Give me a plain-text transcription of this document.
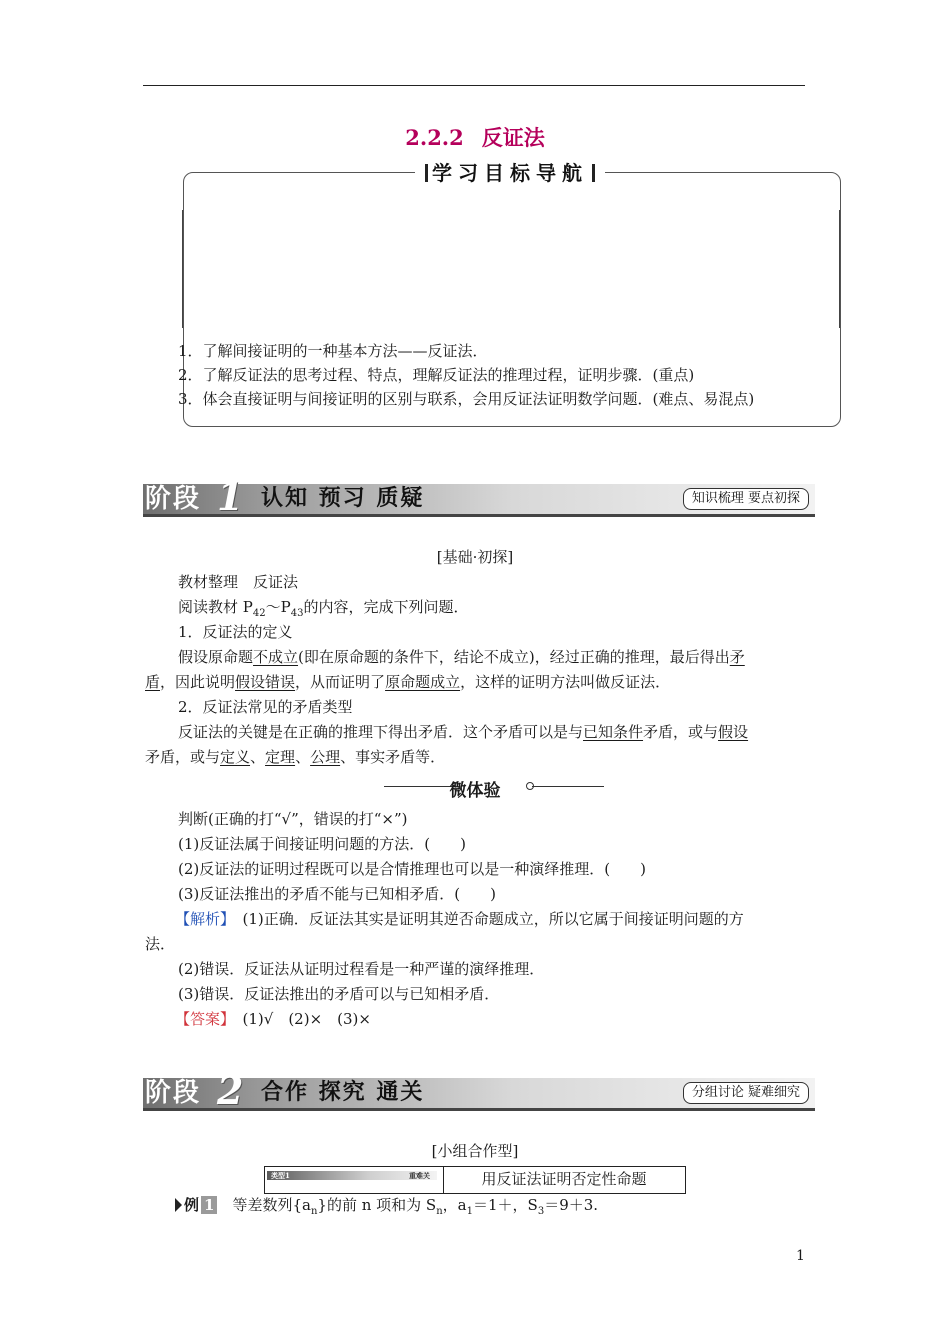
2.2.2 反证法
学习目标导航
1．了解间接证明的一种基本方法——反证法．
2．了解反证法的思考过程、特点，理解反证法的推理过程，证明步骤．(重点)
3．体会直接证明与间接证明的区别与联系，会用反证法证明数学问题．(难点、易混点)
阶段 1 认知 预习 质疑	知识梳理 要点初探
[基础·初探]
教材整理　反证法
阅读教材 $P_{42}\sim P_{43}$的内容，完成下列问题．
1．反证法的定义
假设原命题不成立(即在原命题的条件下，结论不成立)，经过正确的推理，最后得出矛
盾，因此说明假设错误，从而证明了原命题成立，这样的证明方法叫做反证法．
2．反证法常见的矛盾类型
反证法的关键是在正确的推理下得出矛盾．这个矛盾可以是与已知条件矛盾，或与假设
矛盾，或与定义、定理、公理、事实矛盾等．
微体验
判断(正确的打“√”，错误的打“×”)
(1)反证法属于间接证明问题的方法．(　　)
(2)反证法的证明过程既可以是合情推理也可以是一种演绎推理．(　　)
(3)反证法推出的矛盾不能与已知相矛盾．(　　)
【解析】　(1)正确．反证法其实是证明其逆否命题成立，所以它属于间接证明问题的方
法．
(2)错误．反证法从证明过程看是一种严谨的演绎推理．
(3)错误．反证法推出的矛盾可以与已知相矛盾．
【答案】　(1)√　(2)×　(3)×
阶段 2 合作 探究 通关	分组讨论 疑难细究
[小组合作型]
类型1	重难关	用反证法证明否定性命题
例 1　等差数列$\{a_n\}$的前 n 项和为 $S_n$，$a_1=1+$，$S_3=9+3$.
1
